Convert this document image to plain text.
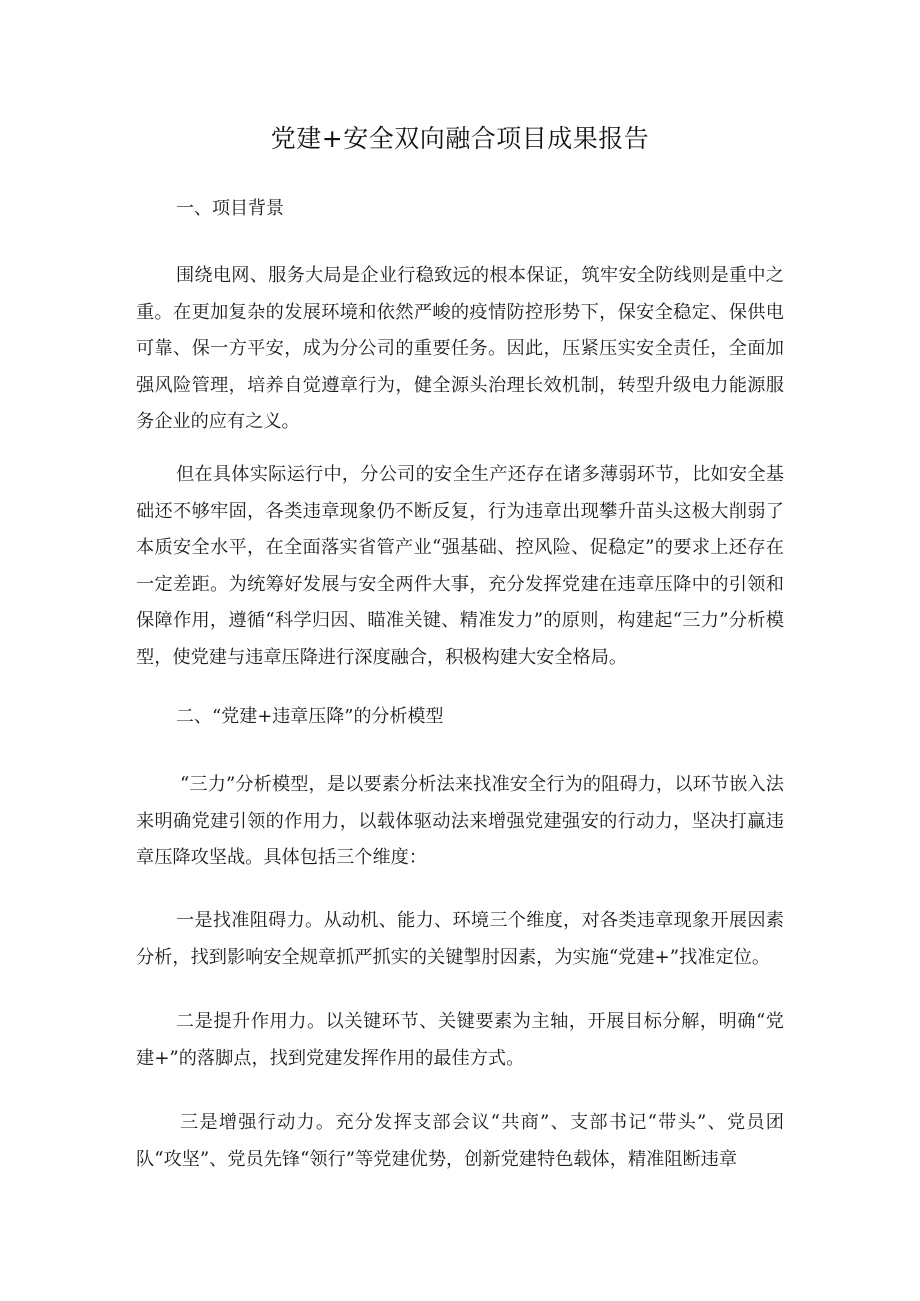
党建+安全双向融合项目成果报告
一、项目背景

围绕电网、服务大局是企业行稳致远的根本保证，筑牢安全防线则是重中之重。在更加复杂的发展环境和依然严峻的疫情防控形势下，保安全稳定、保供电可靠、保一方平安，成为分公司的重要任务。因此，压紧压实安全责任，全面加强风险管理，培养自觉遵章行为，健全源头治理长效机制，转型升级电力能源服务企业的应有之义。

但在具体实际运行中，分公司的安全生产还存在诸多薄弱环节，比如安全基础还不够牢固，各类违章现象仍不断反复，行为违章出现攀升苗头这极大削弱了本质安全水平，在全面落实省管产业“强基础、控风险、促稳定”的要求上还存在一定差距。为统筹好发展与安全两件大事，充分发挥党建在违章压降中的引领和保障作用，遵循“科学归因、瞄准关键、精准发力”的原则，构建起“三力”分析模型，使党建与违章压降进行深度融合，积极构建大安全格局。

二、“党建+违章压降”的分析模型

“三力”分析模型，是以要素分析法来找准安全行为的阻碍力，以环节嵌入法来明确党建引领的作用力，以载体驱动法来增强党建强安的行动力，坚决打赢违章压降攻坚战。具体包括三个维度：

一是找准阻碍力。从动机、能力、环境三个维度，对各类违章现象开展因素分析，找到影响安全规章抓严抓实的关键掣肘因素，为实施“党建+”找准定位。

二是提升作用力。以关键环节、关键要素为主轴，开展目标分解，明确“党建+”的落脚点，找到党建发挥作用的最佳方式。

三是增强行动力。充分发挥支部会议“共商”、支部书记“带头”、党员团队“攻坚”、党员先锋“领行”等党建优势，创新党建特色载体，精准阻断违章
